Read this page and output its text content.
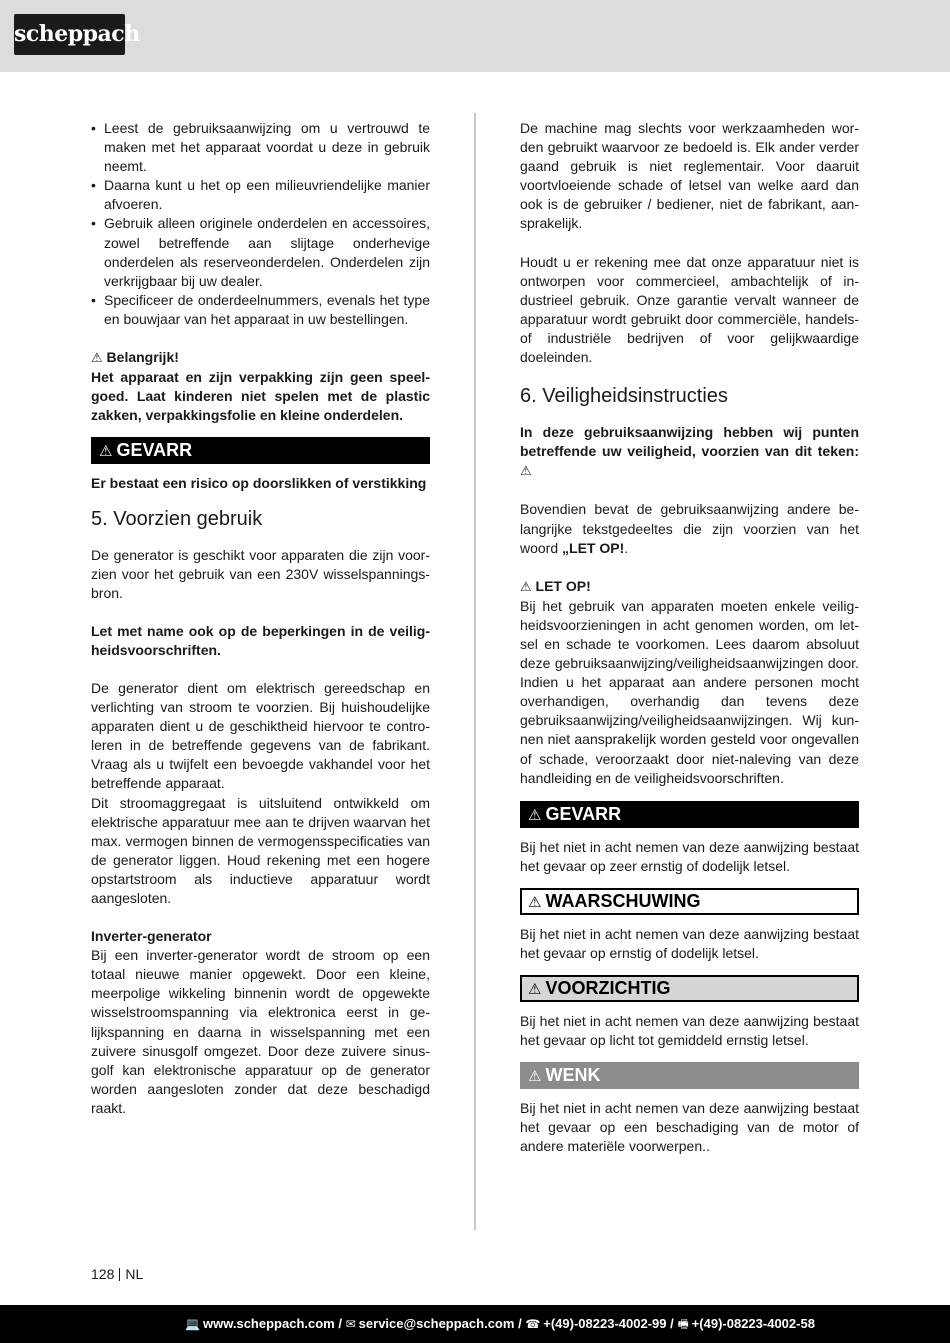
scheppach
• Leest de gebruiksaanwijzing om u vertrouwd te maken met het apparaat voordat u deze in gebruik neemt.
• Daarna kunt u het op een milieuvriendelijke manier afvoeren.
• Gebruik alleen originele onderdelen en accessoires, zowel betreffende aan slijtage onderhevige onderdelen als reserveonderdelen. Onderdelen zijn verkrijgbaar bij uw dealer.
• Specificeer de onderdeelnummers, evenals het type en bouwjaar van het apparaat in uw bestellingen.

⚠ Belangrijk!

Het apparaat en zijn verpakking zijn geen speelgoed. Laat kinderen niet spelen met de plastic zakken, verpakkingsfolie en kleine onderdelen.

⚠ GEVARR

Er bestaat een risico op doorslikken of verstikking

5. Voorzien gebruik

De generator is geschikt voor apparaten die zijn voorzien voor het gebruik van een 230V wisselspanningsbron.

Let met name ook op de beperkingen in de veiligheidsvoorschriften.

De generator dient om elektrisch gereedschap en verlichting van stroom te voorzien. Bij huishoudelijke apparaten dient u de geschiktheid hiervoor te controleren in de betreffende gegevens van de fabrikant. Vraag als u twijfelt een bevoegde vakhandel voor het betreffende apparaat.

Dit stroomaggregaat is uitsluitend ontwikkeld om elektrische apparatuur mee aan te drijven waarvan het max. vermogen binnen de vermogensspecificaties van de generator liggen. Houd rekening met een hogere opstartstroom als inductieve apparatuur wordt aangesloten.

Inverter-generator

Bij een inverter-generator wordt de stroom op een totaal nieuwe manier opgewekt. Door een kleine, meerpolige wikkeling binnenin wordt de opgewekte wisselstroomspanning via elektronica eerst in gelijkspanning en daarna in wisselspanning met een zuivere sinusgolf omgezet. Door deze zuivere sinusgolf kan elektronische apparatuur op de generator worden aangesloten zonder dat deze beschadigd raakt.

De machine mag slechts voor werkzaamheden worden gebruikt waarvoor ze bedoeld is. Elk ander verder gaand gebruik is niet reglementair. Voor daaruit voortvloeiende schade of letsel van welke aard dan ook is de gebruiker / bediener, niet de fabrikant, aansprakelijk.

Houdt u er rekening mee dat onze apparatuur niet is ontworpen voor commercieel, ambachtelijk of industrieel gebruik. Onze garantie vervalt wanneer de apparatuur wordt gebruikt door commerciële, handels- of industriële bedrijven of voor gelijkwaardige doeleinden.

6. Veiligheidsinstructies

In deze gebruiksaanwijzing hebben wij punten betreffende uw veiligheid, voorzien van dit teken: ⚠

Bovendien bevat de gebruiksaanwijzing andere belangrijke tekstgedeeltes die zijn voorzien van het woord „LET OP!.

⚠ LET OP!

Bij het gebruik van apparaten moeten enkele veiligheidsvoorzieningen in acht genomen worden, om letsel en schade te voorkomen. Lees daarom absoluut deze gebruiksaanwijzing/veiligheidsaanwijzingen door. Indien u het apparaat aan andere personen mocht overhandigen, overhandig dan tevens deze gebruiksaanwijzing/veiligheidsaanwijzingen. Wij kunnen niet aansprakelijk worden gesteld voor ongevallen of schade, veroorzaakt door niet-naleving van deze handleiding en de veiligheidsvoorschriften.

⚠ GEVARR

Bij het niet in acht nemen van deze aanwijzing bestaat het gevaar op zeer ernstig of dodelijk letsel.

⚠ WAARSCHUWING

Bij het niet in acht nemen van deze aanwijzing bestaat het gevaar op ernstig of dodelijk letsel.

⚠ VOORZICHTIG

Bij het niet in acht nemen van deze aanwijzing bestaat het gevaar op licht tot gemiddeld ernstig letsel.

⚠ WENK

Bij het niet in acht nemen van deze aanwijzing bestaat het gevaar op een beschadiging van de motor of andere materiële voorwerpen..

128 NL
💻 www.scheppach.com / ✉ service@scheppach.com / ☎ +(49)-08223-4002-99 / 🖷 +(49)-08223-4002-58
